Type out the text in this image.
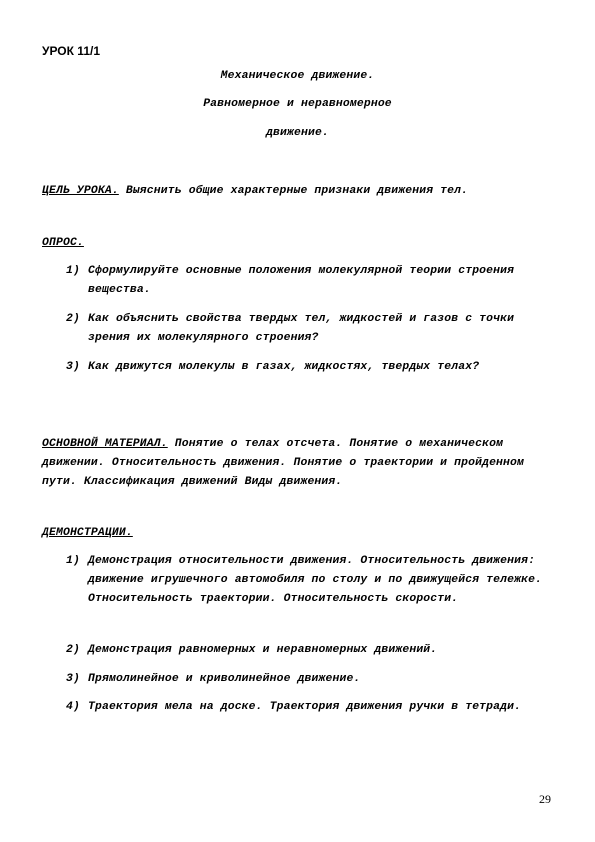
УРОК 11/1
Механическое движение.
Равномерное и неравномерное
движение.
ЦЕЛЬ УРОКА. Выяснить общие характерные признаки движения тел.
ОПРОС.
1) Сформулируйте основные положения молекулярной теории строения вещества.
2) Как объяснить свойства твердых тел, жидкостей и газов с точки зрения их молекулярного строения?
3) Как движутся молекулы в газах, жидкостях, твердых телах?
ОСНОВНОЙ МАТЕРИАЛ. Понятие о телах отсчета. Понятие о механическом движении. Относительность движения. Понятие о траектории и пройденном пути. Классификация движений Виды движения.
ДЕМОНСТРАЦИИ.
1) Демонстрация относительности движения. Относительность движения: движение игрушечного автомобиля по столу и по движущейся тележке. Относительность траектории. Относительность скорости.
2) Демонстрация равномерных и неравномерных движений.
3) Прямолинейное и криволинейное движение.
4) Траектория мела на доске. Траектория движения ручки в тетради.
29
